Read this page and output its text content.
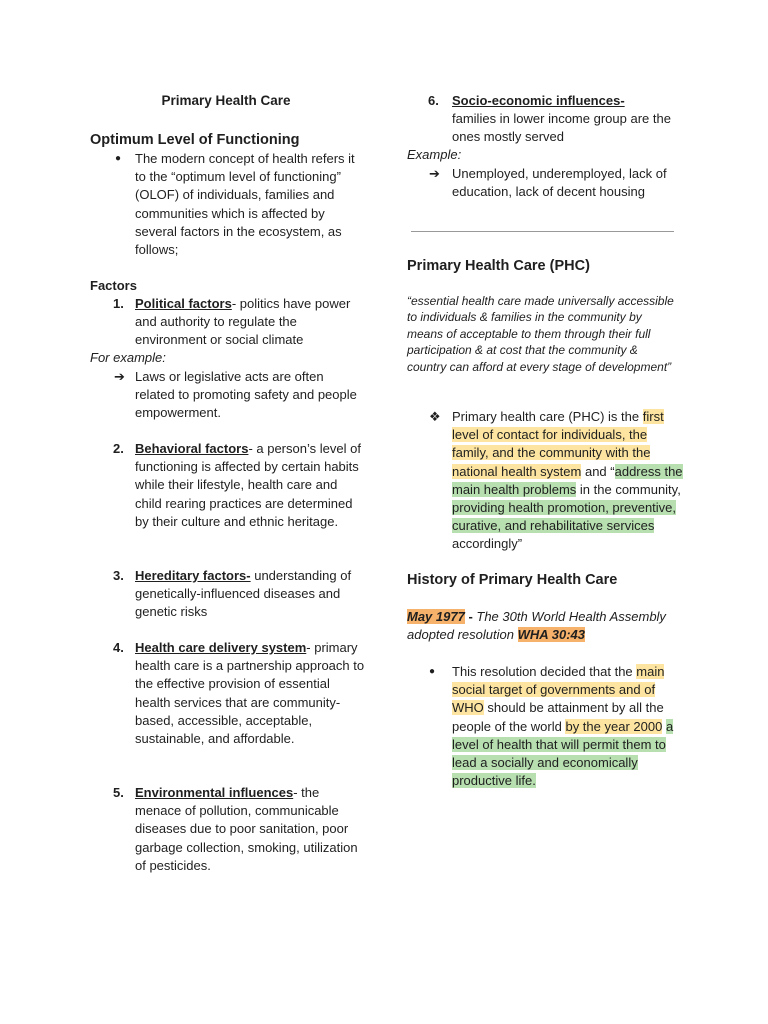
Primary Health Care
Optimum Level of Functioning
●	The modern concept of health refers it to the “optimum level of functioning” (OLOF) of individuals, families and communities which is affected by several factors in the ecosystem, as follows;
Factors
1. Political factors- politics have power and authority to regulate the environment or social climate
For example:
➔ Laws or legislative acts are often related to promoting safety and people empowerment.
2. Behavioral factors- a person’s level of functioning is affected by certain habits while their lifestyle, health care and child rearing practices are determined by their culture and ethnic heritage.
3. Hereditary factors- understanding of genetically-influenced diseases and genetic risks
4. Health care delivery system- primary health care is a partnership approach to the effective provision of essential health services that are community-based, accessible, acceptable, sustainable, and affordable.
5. Environmental influences- the menace of pollution, communicable diseases due to poor sanitation, poor garbage collection, smoking, utilization of pesticides.
6.	Socio-economic influences-
families in lower income group are the ones mostly served
Example:
➔ Unemployed, underemployed, lack of education, lack of decent housing
Primary Health Care (PHC)
“essential health care made universally accessible to individuals & families in the community by means of acceptable to them through their full participation & at cost that the community & country can afford at every stage of development”
❖ Primary health care (PHC) is the first level of contact for individuals, the family, and the community with the national health system and “address the main health problems in the community, providing health promotion, preventive, curative, and rehabilitative services accordingly”
History of Primary Health Care
May 1977 - The 30th World Health Assembly adopted resolution WHA 30:43
●	This resolution decided that the main social target of governments and of WHO should be attainment by all the people of the world by the year 2000 a level of health that will permit them to lead a socially and economically productive life.
